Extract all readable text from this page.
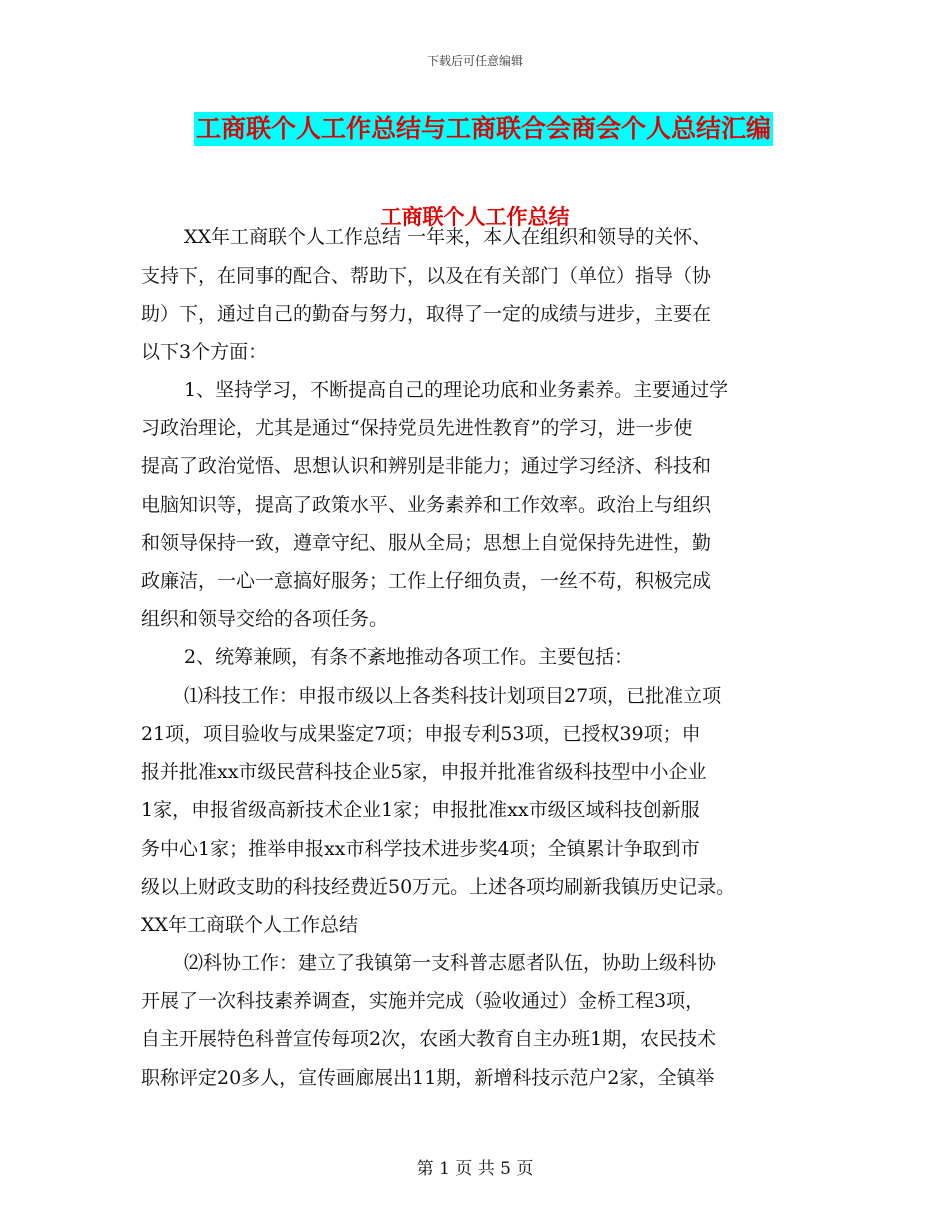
下载后可任意编辑
工商联个人工作总结与工商联合会商会个人总结汇编
工商联个人工作总结
XX年工商联个人工作总结 一年来，本人在组织和领导的关怀、
支持下，在同事的配合、帮助下，以及在有关部门（单位）指导（协
助）下，通过自己的勤奋与努力，取得了一定的成绩与进步，主要在
以下3个方面：
1、坚持学习，不断提高自己的理论功底和业务素养。主要通过学
习政治理论，尤其是通过“保持党员先进性教育”的学习，进一步使
提高了政治觉悟、思想认识和辨别是非能力；通过学习经济、科技和
电脑知识等，提高了政策水平、业务素养和工作效率。政治上与组织
和领导保持一致，遵章守纪、服从全局；思想上自觉保持先进性，勤
政廉洁，一心一意搞好服务；工作上仔细负责，一丝不苟，积极完成
组织和领导交给的各项任务。
2、统筹兼顾，有条不紊地推动各项工作。主要包括：
⑴科技工作：申报市级以上各类科技计划项目27项，已批准立项
21项，项目验收与成果鉴定7项；申报专利53项，已授权39项；申
报并批准xx市级民营科技企业5家，申报并批准省级科技型中小企业
1家，申报省级高新技术企业1家；申报批准xx市级区域科技创新服
务中心1家；推举申报xx市科学技术进步奖4项；全镇累计争取到市
级以上财政支助的科技经费近50万元。上述各项均刷新我镇历史记录。
XX年工商联个人工作总结
⑵科协工作：建立了我镇第一支科普志愿者队伍，协助上级科协
开展了一次科技素养调查，实施并完成（验收通过）金桥工程3项，
自主开展特色科普宣传每项2次，农函大教育自主办班1期，农民技术
职称评定20多人，宣传画廊展出11期，新增科技示范户2家，全镇举
第 1 页 共 5 页
